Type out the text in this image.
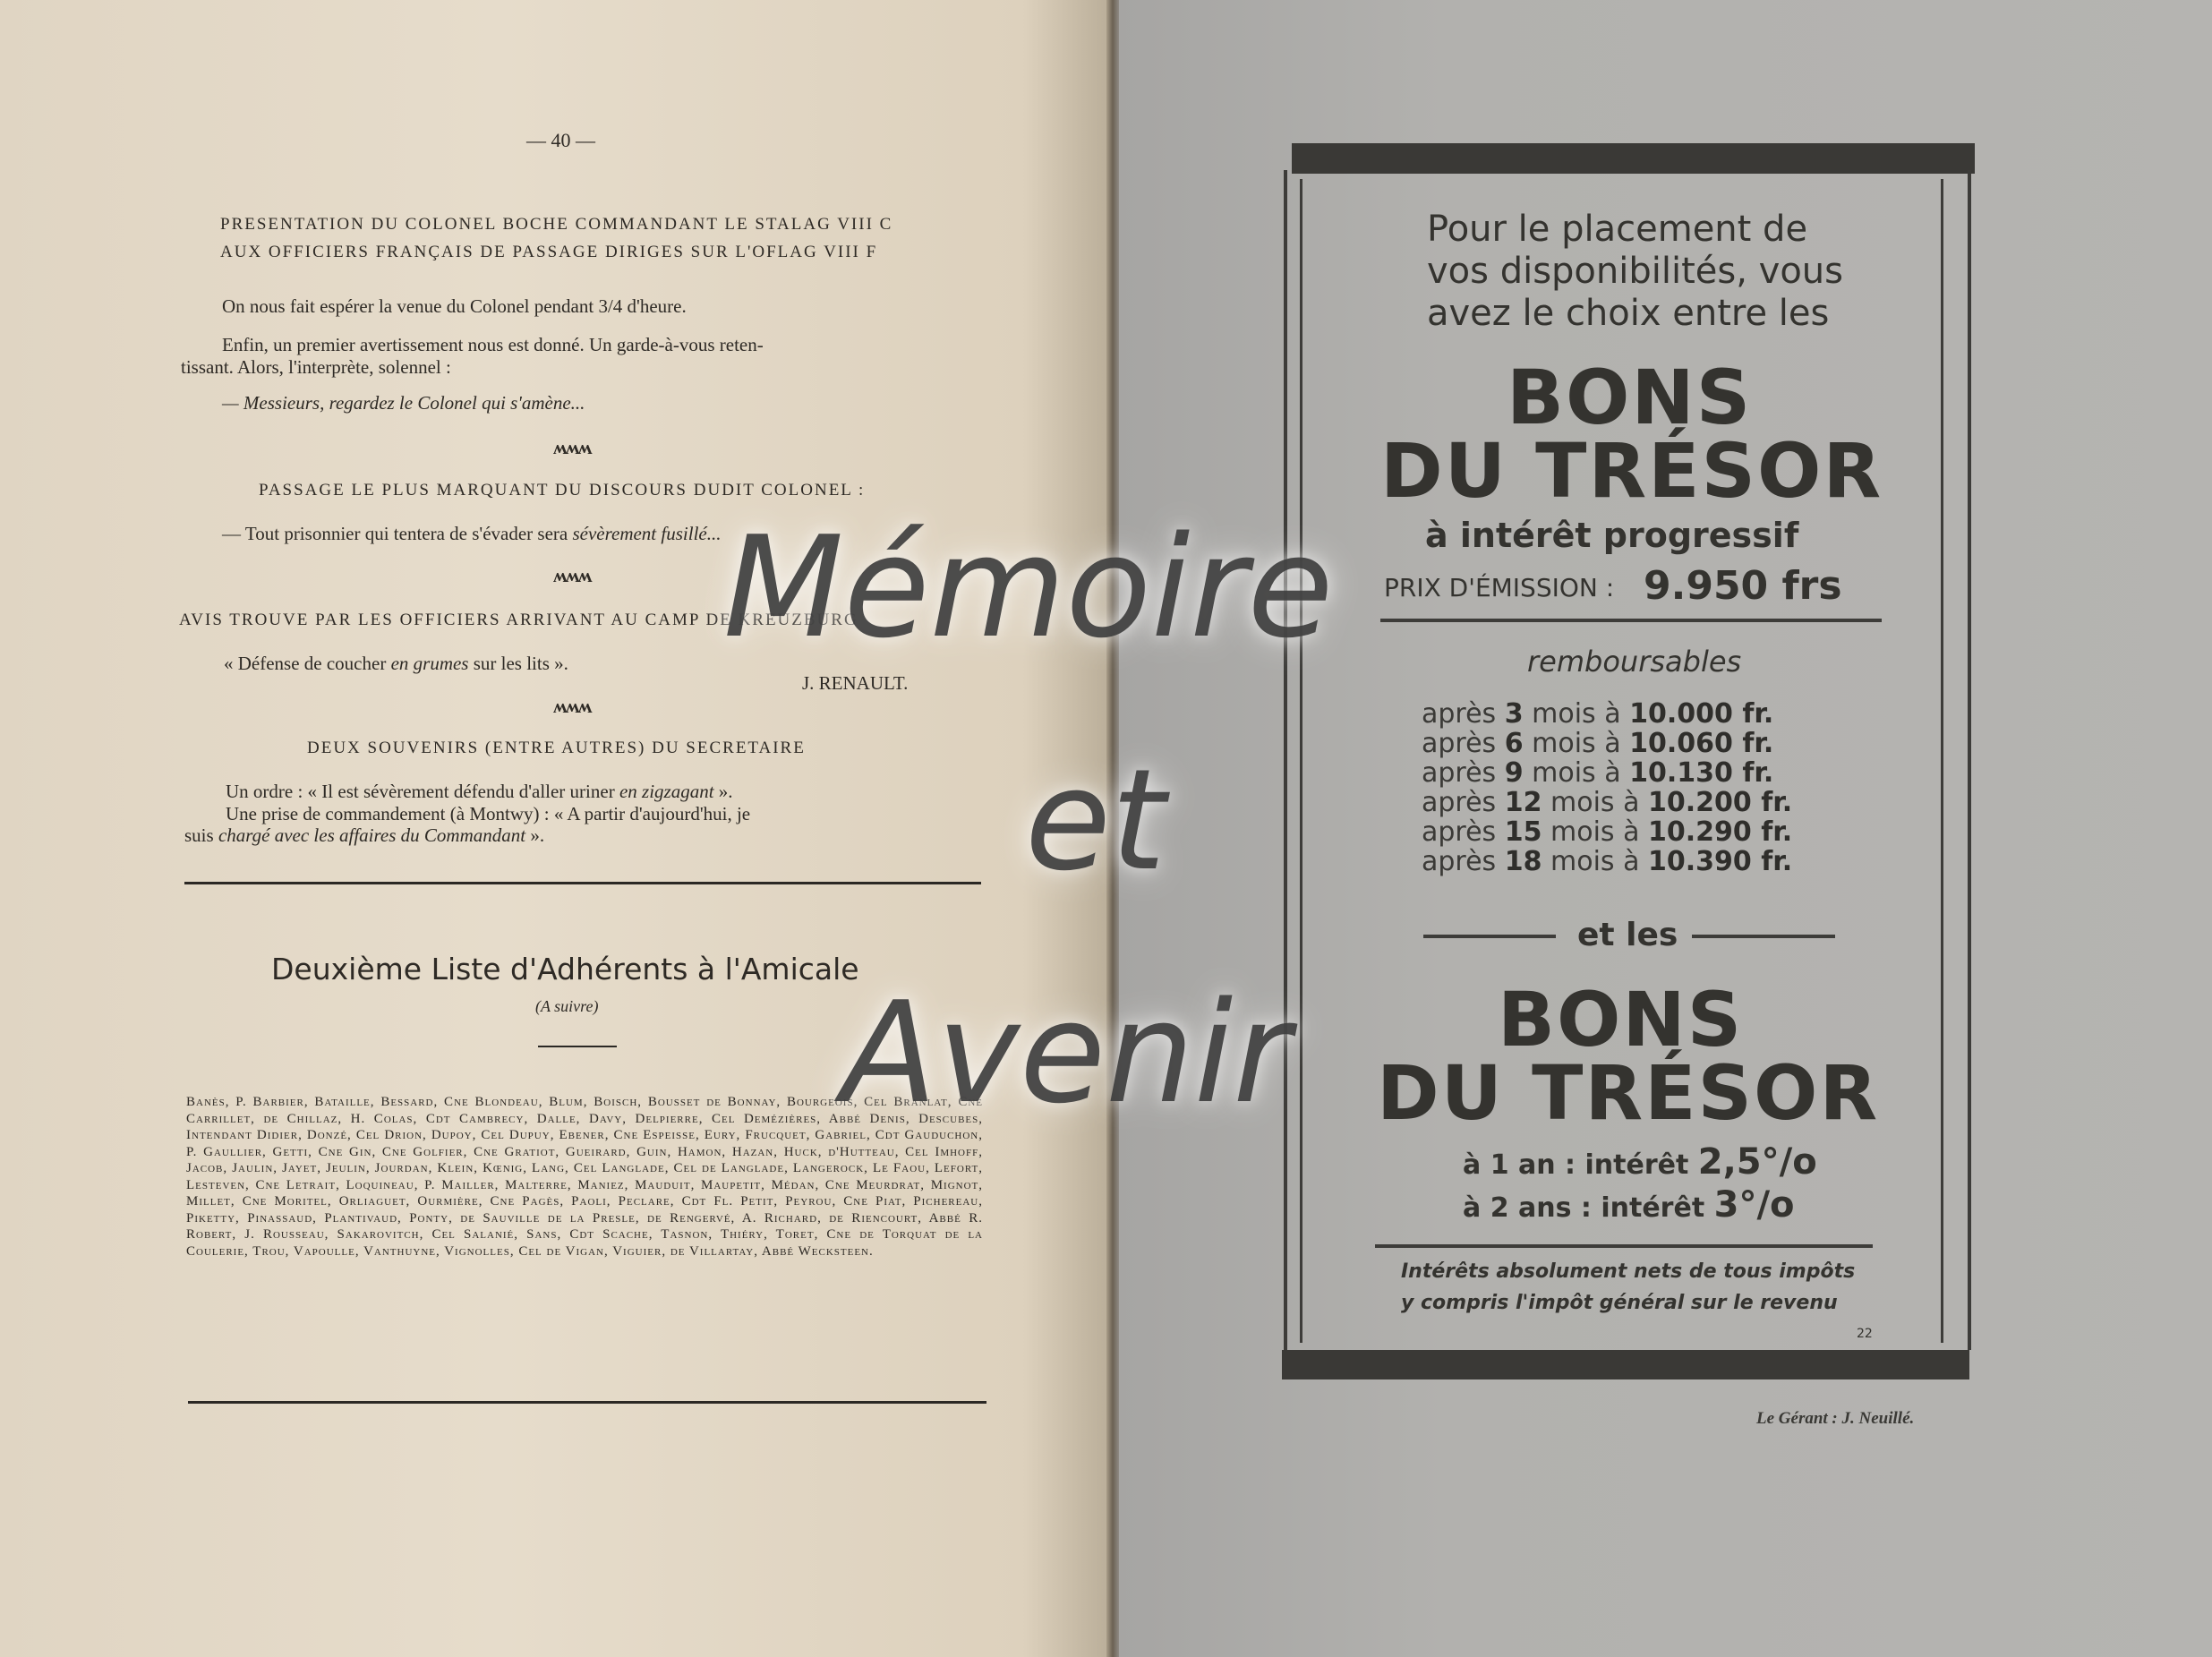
— 40 —
PRESENTATION DU COLONEL BOCHE COMMANDANT LE STALAG VIII C
AUX OFFICIERS FRANÇAIS DE PASSAGE DIRIGES SUR L'OFLAG VIII F
On nous fait espérer la venue du Colonel pendant 3/4 d'heure.
Enfin, un premier avertissement nous est donné. Un garde-à-vous reten-
tissant. Alors, l'interprète, solennel :
— Messieurs, regardez le Colonel qui s'amène...
ʍʍʍ
PASSAGE LE PLUS MARQUANT DU DISCOURS DUDIT COLONEL :
— Tout prisonnier qui tentera de s'évader sera sévèrement fusillé...
ʍʍʍ
AVIS TROUVE PAR LES OFFICIERS ARRIVANT AU CAMP DE KREUZBURG
« Défense de coucher en grumes sur les lits ».
J. RENAULT.
ʍʍʍ
DEUX SOUVENIRS (ENTRE AUTRES) DU SECRETAIRE
Un ordre : « Il est sévèrement défendu d'aller uriner en zigzagant ».
Une prise de commandement (à Montwy) : « A partir d'aujourd'hui, je
suis chargé avec les affaires du Commandant ».
Deuxième Liste d'Adhérents à l'Amicale
(A suivre)
Banès, P. Barbier, Bataille, Bessard, Cne Blondeau, Blum, Boisch, Bousset de Bonnay, Bourgeois, Cel Branlat, Cne Carrillet, de Chillaz, H. Colas, Cdt Cambrecy, Dalle, Davy, Delpierre, Cel Demézières, Abbé Denis, Descubes, Intendant Didier, Donzé, Cel Drion, Dupoy, Cel Dupuy, Ebener, Cne Espeisse, Eury, Frucquet, Gabriel, Cdt Gauduchon, P. Gaullier, Getti, Cne Gin, Cne Golfier, Cne Gratiot, Gueirard, Guin, Hamon, Hazan, Huck, d'Hutteau, Cel Imhoff, Jacob, Jaulin, Jayet, Jeulin, Jourdan, Klein, Kœnig, Lang, Cel Langlade, Cel de Langlade, Langerock, Le Faou, Lefort, Lesteven, Cne Letrait, Loquineau, P. Mailler, Malterre, Maniez, Mauduit, Maupetit, Médan, Cne Meurdrat, Mignot, Millet, Cne Moritel, Orliaguet, Ourmière, Cne Pagès, Paoli, Peclare, Cdt Fl. Petit, Peyrou, Cne Piat, Pichereau, Piketty, Pinassaud, Plantivaud, Ponty, de Sauville de la Presle, de Rengervé, A. Richard, de Riencourt, Abbé R. Robert, J. Rousseau, Sakarovitch, Cel Salanié, Sans, Cdt Scache, Tasnon, Thiéry, Toret, Cne de Torquat de la Coulerie, Trou, Vapoulle, Vanthuyne, Vignolles, Cel de Vigan, Viguier, de Villartay, Abbé Wecksteen.
Pour le placement de
vos disponibilités, vous
avez le choix entre les
BONS
DU TRÉSOR
à intérêt progressif
PRIX D'ÉMISSION : 9.950 frs
remboursables
après 3 mois à 10.000 fr.
après 6 mois à 10.060 fr.
après 9 mois à 10.130 fr.
après 12 mois à 10.200 fr.
après 15 mois à 10.290 fr.
après 18 mois à 10.390 fr.
et les
BONS
DU TRÉSOR
à 1 an : intérêt 2,5°/o
à 2 ans : intérêt 3°/o
Intérêts absolument nets de tous impôts
y compris l'impôt général sur le revenu
22
Le Gérant : J. Neuillé.
Mémoire
et
Avenir
